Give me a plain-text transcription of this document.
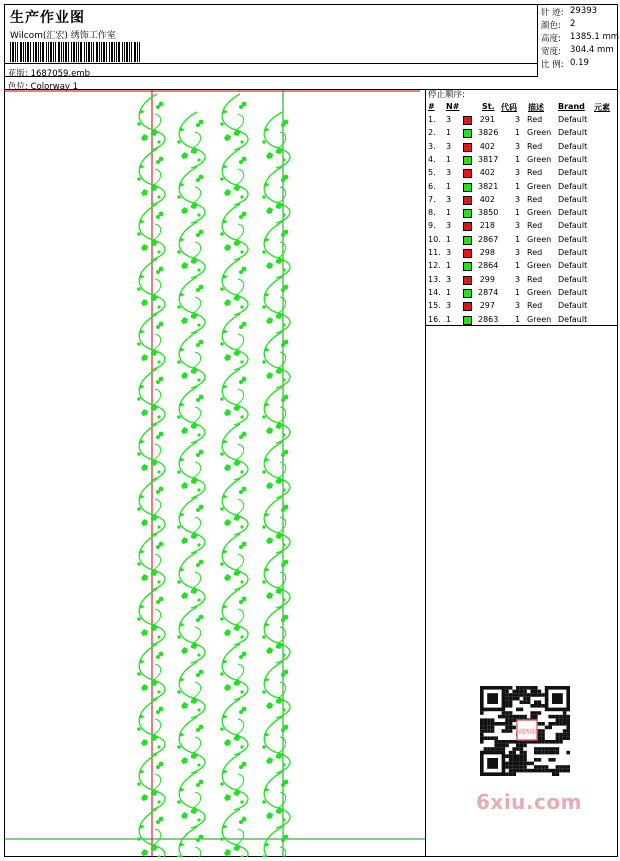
生产作业图
Wilcom(汇宏) 绣饰工作室
花版: 1687059.emb
色位: Colorway 1
针 迹: 29393
颜色: 2
高度: 1385.1 mm
宽度: 304.4 mm
比 例: 0.19
停止顺序:
# N#	St. 代码 描述 Brand 元素
1. 3	291	3 Red Default
2. 1	3826 1 Green Default
3. 3	402	3 Red Default
4. 1	3817 1 Green Default
5. 3	402	3 Red Default
6. 1	3821 1 Green Default
7. 3	402	3 Red Default
8. 1	3850 1 Green Default
9. 3	218	3 Red Default
10. 1	2867 1 Green Default
11. 3	298	3 Red Default
12. 1	2864 1 Green Default
13. 3	299	3 Red Default
14. 1	2874 1 Green Default
15. 3	297	3 Red Default
16. 1	2863 1 Green Default
刺绣图
6xiu.com
